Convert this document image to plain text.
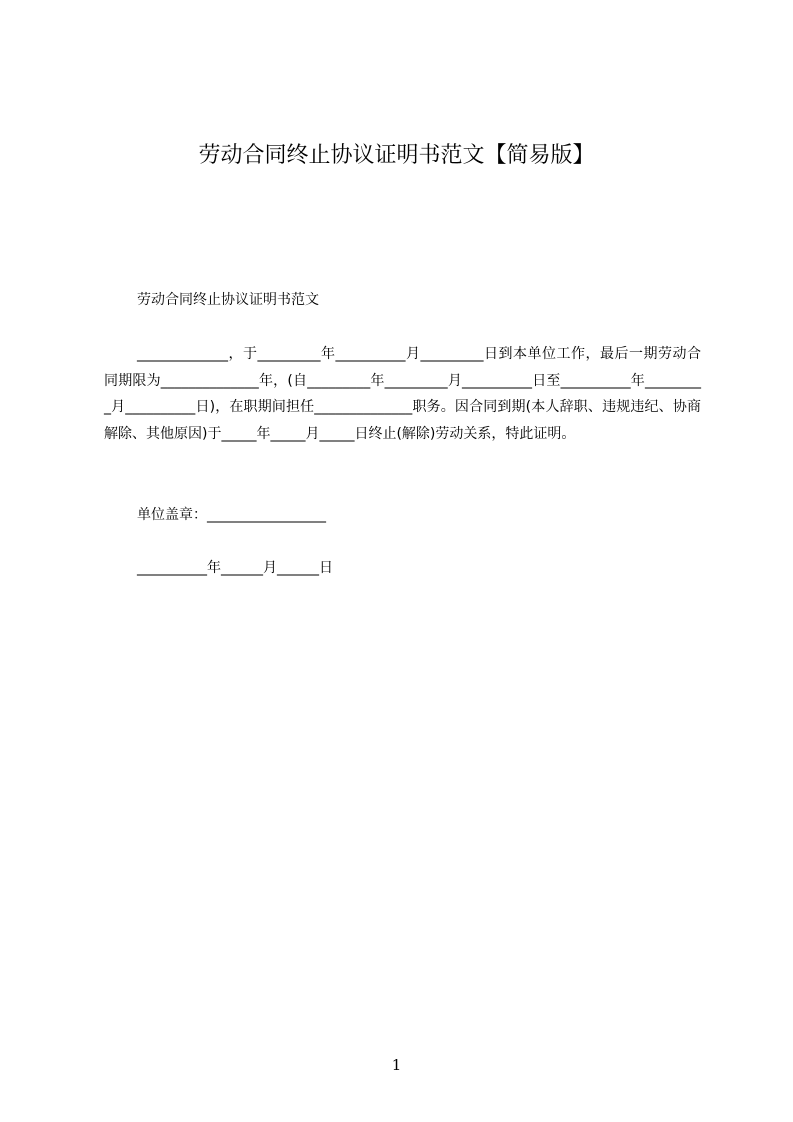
劳动合同终止协议证明书范文【简易版】
劳动合同终止协议证明书范文

_____________，于_________年__________月_________日到本单位工作，最后一期劳动合同期限为______________年，(自_________年_________月__________日至__________年_________月__________日)，在职期间担任______________职务。因合同到期(本人辞职、违规违纪、协商解除、其他原因)于_____年_____月_____日终止(解除)劳动关系，特此证明。

单位盖章：_________________
__________年______月______日
1
